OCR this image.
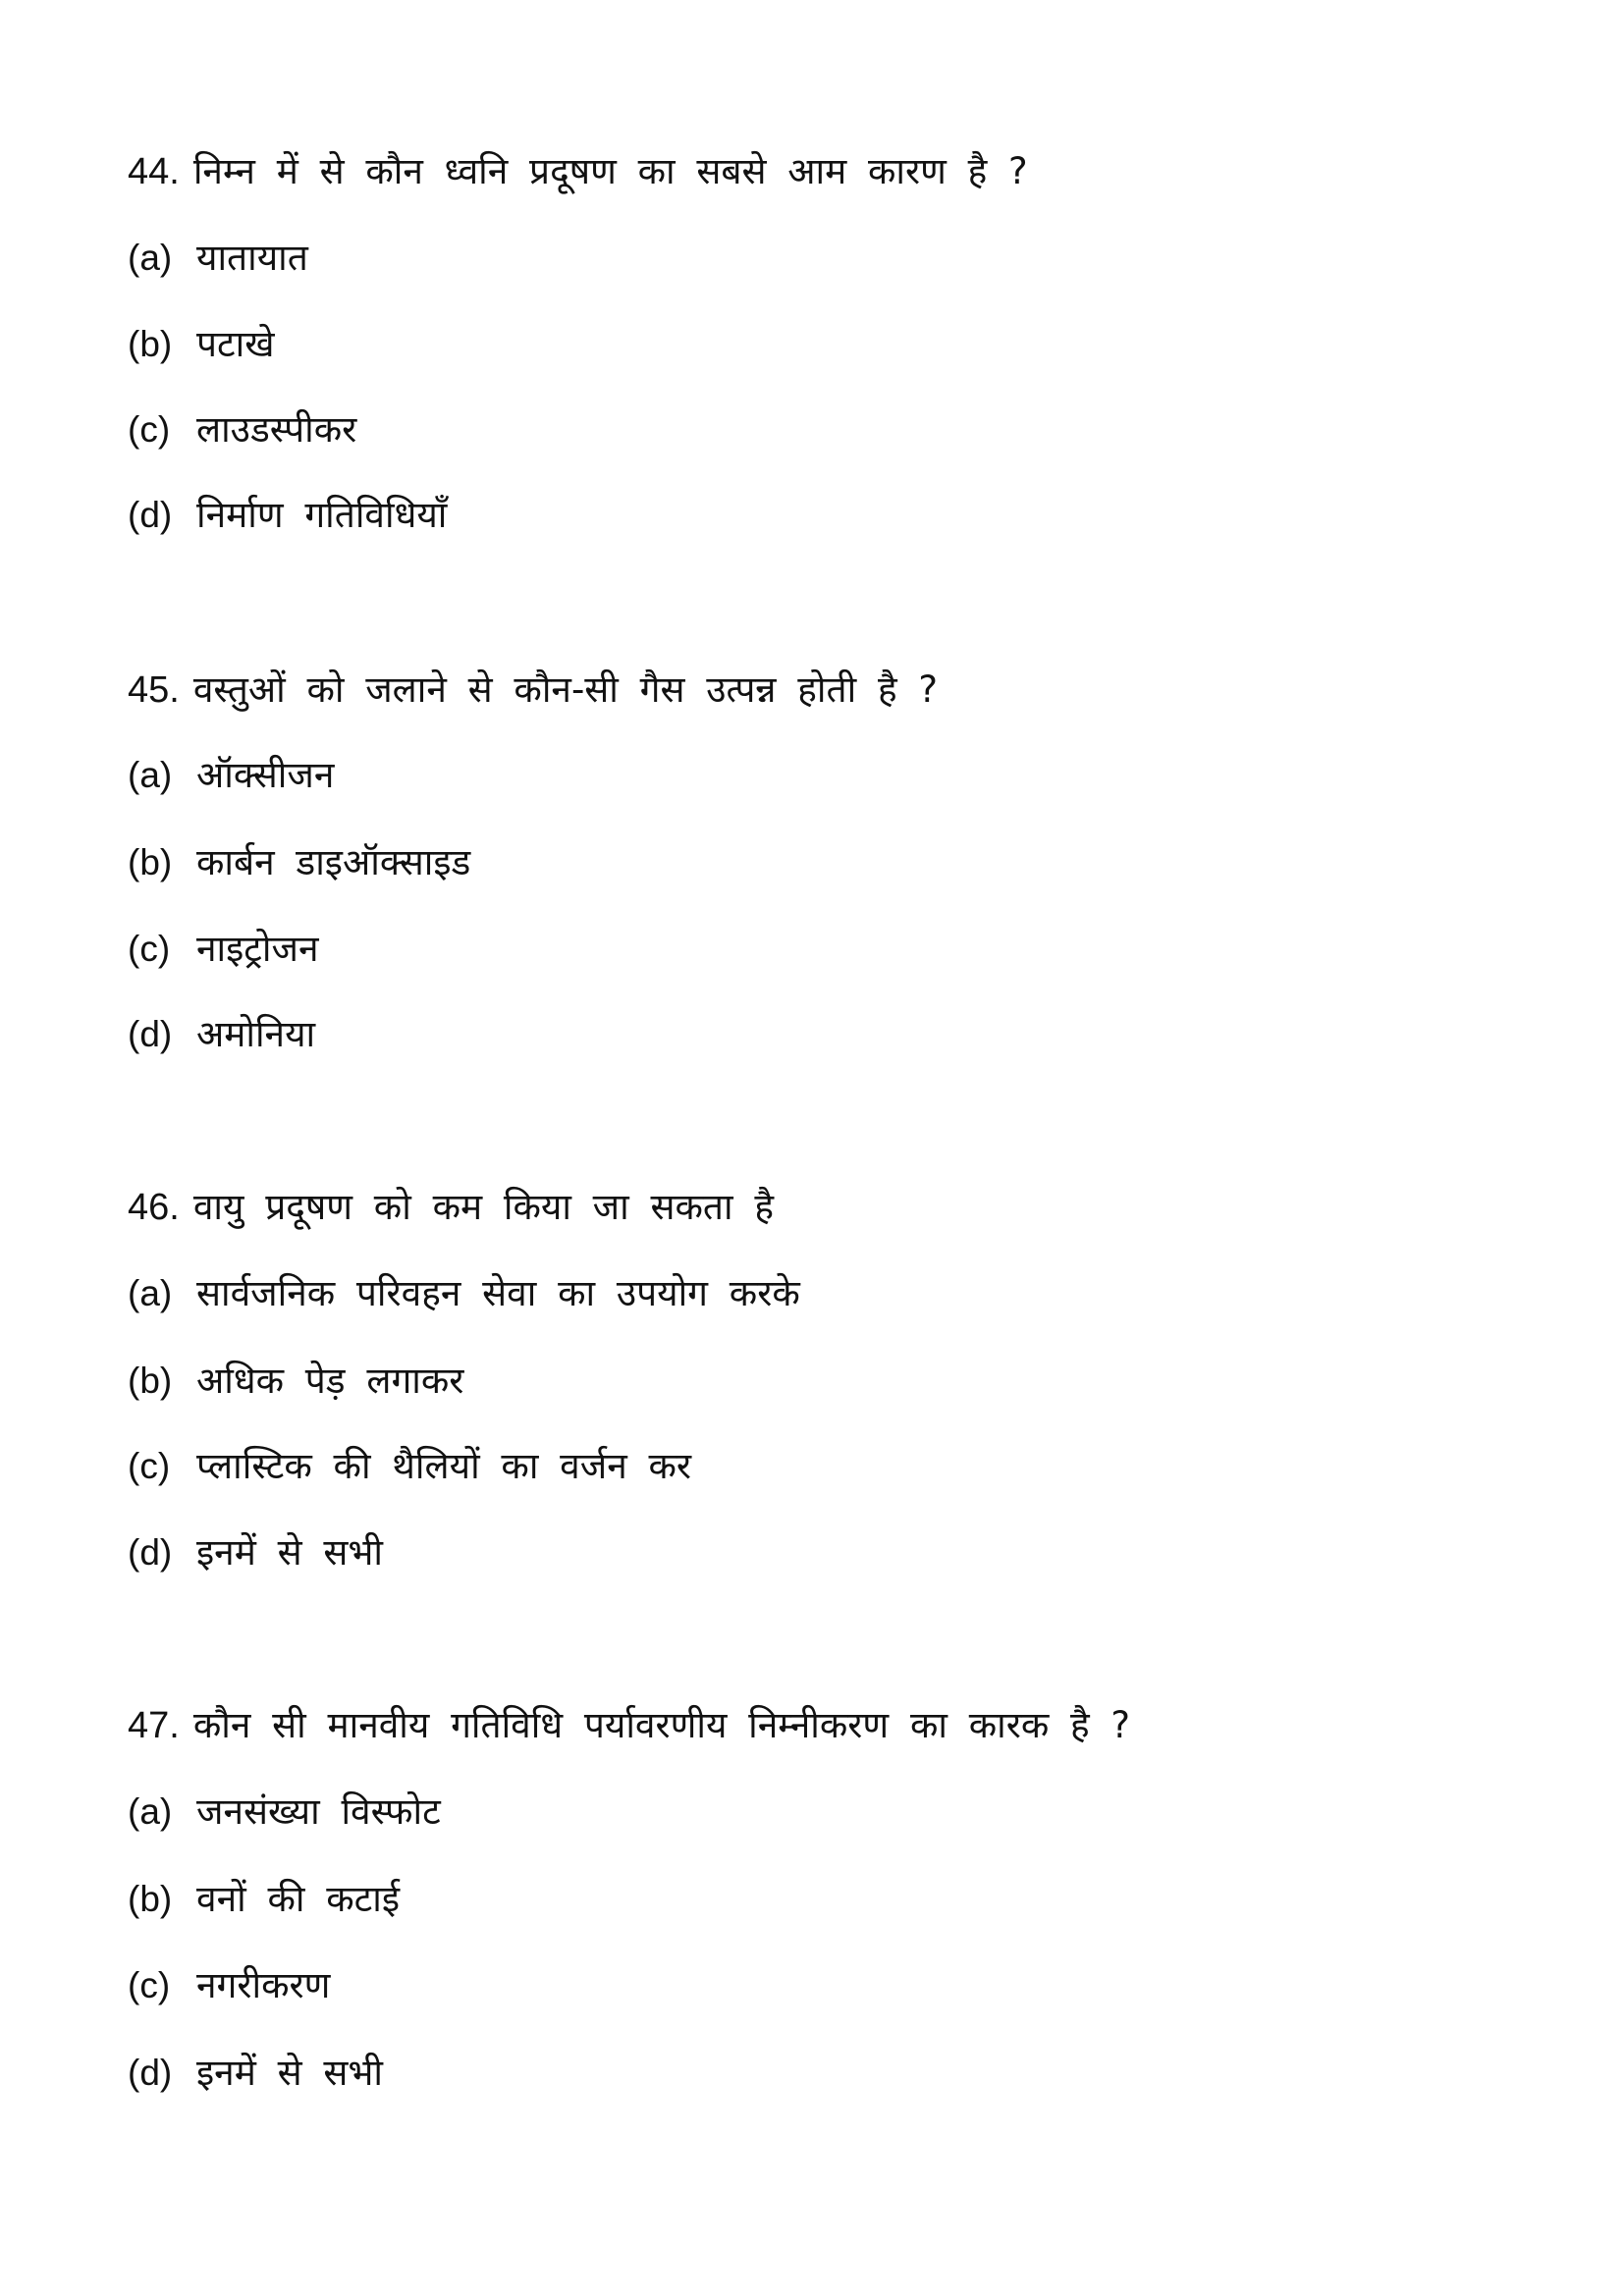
44. निम्न में से कौन ध्वनि प्रदूषण का सबसे आम कारण है ?
(a) यातायात
(b) पटाखे
(c) लाउडस्पीकर
(d) निर्माण गतिविधियाँ
45. वस्तुओं को जलाने से कौन-सी गैस उत्पन्न होती है ?
(a) ऑक्सीजन
(b) कार्बन डाइऑक्साइड
(c) नाइट्रोजन
(d) अमोनिया
46. वायु प्रदूषण को कम किया जा सकता है
(a) सार्वजनिक परिवहन सेवा का उपयोग करके
(b) अधिक पेड़ लगाकर
(c) प्लास्टिक की थैलियों का वर्जन कर
(d) इनमें से सभी
47. कौन सी मानवीय गतिविधि पर्यावरणीय निम्नीकरण का कारक है ?
(a) जनसंख्या विस्फोट
(b) वनों की कटाई
(c) नगरीकरण
(d) इनमें से सभी
